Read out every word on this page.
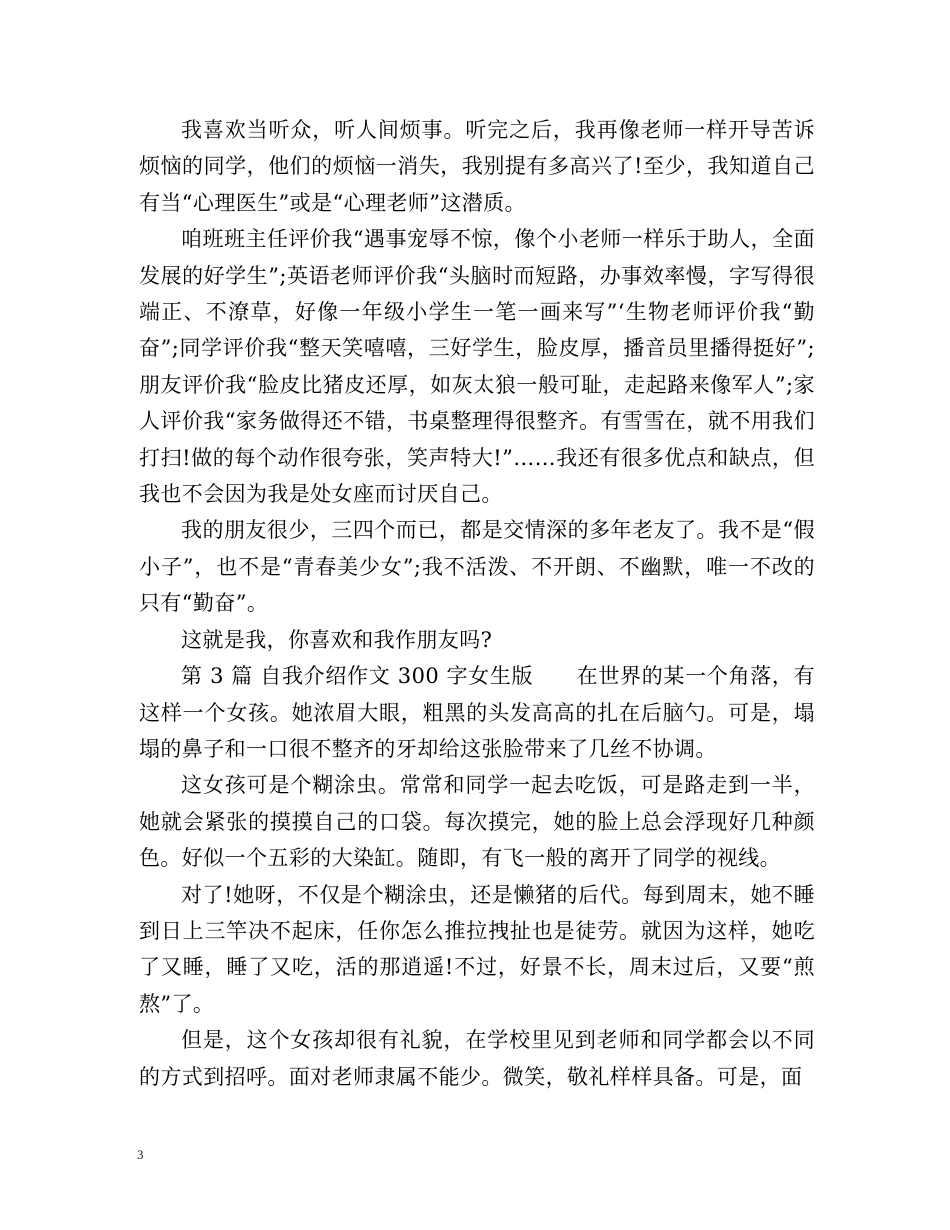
我喜欢当听众，听人间烦事。听完之后，我再像老师一样开导苦诉烦恼的同学，他们的烦恼一消失，我别提有多高兴了!至少，我知道自己有当“心理医生”或是“心理老师”这潜质。

咱班班主任评价我“遇事宠辱不惊，像个小老师一样乐于助人，全面发展的好学生”;英语老师评价我“头脑时而短路，办事效率慢，字写得很端正、不潦草，好像一年级小学生一笔一画来写”‘生物老师评价我“勤奋”;同学评价我“整天笑嘻嘻，三好学生，脸皮厚，播音员里播得挺好”;朋友评价我“脸皮比猪皮还厚，如灰太狼一般可耻，走起路来像军人”;家人评价我“家务做得还不错，书桌整理得很整齐。有雪雪在，就不用我们打扫!做的每个动作很夸张，笑声特大!”……我还有很多优点和缺点，但我也不会因为我是处女座而讨厌自己。

我的朋友很少，三四个而已，都是交情深的多年老友了。我不是“假小子”，也不是“青春美少女”;我不活泼、不开朗、不幽默，唯一不改的只有“勤奋”。

这就是我，你喜欢和我作朋友吗?

第 3 篇 自我介绍作文 300 字女生版　　在世界的某一个角落，有这样一个女孩。她浓眉大眼，粗黑的头发高高的扎在后脑勺。可是，塌塌的鼻子和一口很不整齐的牙却给这张脸带来了几丝不协调。

这女孩可是个糊涂虫。常常和同学一起去吃饭，可是路走到一半，她就会紧张的摸摸自己的口袋。每次摸完，她的脸上总会浮现好几种颜色。好似一个五彩的大染缸。随即，有飞一般的离开了同学的视线。

对了!她呀，不仅是个糊涂虫，还是懒猪的后代。每到周末，她不睡到日上三竿决不起床，任你怎么推拉拽扯也是徒劳。就因为这样，她吃了又睡，睡了又吃，活的那逍遥!不过，好景不长，周末过后，又要“煎熬”了。

但是，这个女孩却很有礼貌，在学校里见到老师和同学都会以不同的方式到招呼。面对老师隶属不能少。微笑，敬礼样样具备。可是，面

3
